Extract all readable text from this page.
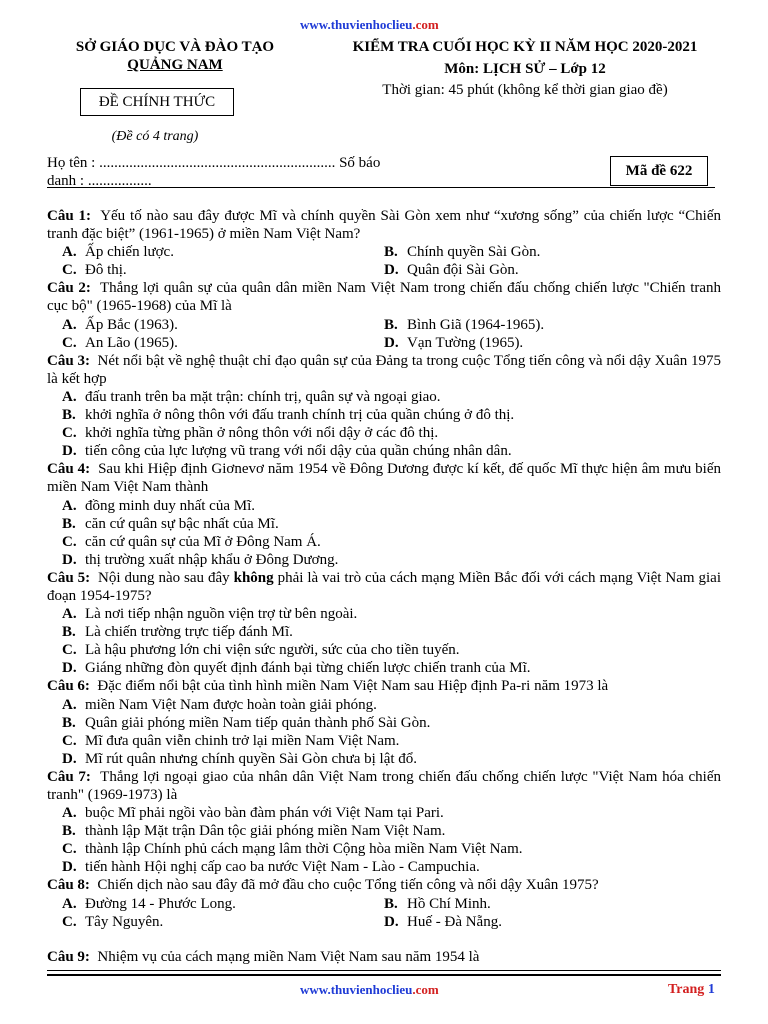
www.thuvienhoclieu.com
SỞ GIÁO DỤC VÀ ĐÀO TẠO
QUẢNG NAM
KIỂM TRA CUỐI HỌC KỲ II NĂM HỌC 2020-2021
Môn: LỊCH SỬ – Lớp 12
Thời gian: 45 phút (không kể thời gian giao đề)
ĐỀ CHÍNH THỨC
(Đề có 4 trang)
Họ tên : ............................................................... Số báo
danh : .................
Mã đề 622
Câu 1: Yếu tố nào sau đây được Mĩ và chính quyền Sài Gòn xem như “xương sống” của chiến lược “Chiến tranh đặc biệt” (1961-1965) ở miền Nam Việt Nam?
A. Ấp chiến lược.	B. Chính quyền Sài Gòn.
C. Đô thị.	D. Quân đội Sài Gòn.
Câu 2: Thắng lợi quân sự của quân dân miền Nam Việt Nam trong chiến đấu chống chiến lược "Chiến tranh cục bộ" (1965-1968) của Mĩ là
A. Ấp Bắc (1963).	B. Bình Giã (1964-1965).
C. An Lão (1965).	D. Vạn Tường (1965).
Câu 3: Nét nổi bật về nghệ thuật chỉ đạo quân sự của Đảng ta trong cuộc Tổng tiến công và nổi dậy Xuân 1975 là kết hợp
A. đấu tranh trên ba mặt trận: chính trị, quân sự và ngoại giao.
B. khởi nghĩa ở nông thôn với đấu tranh chính trị của quần chúng ở đô thị.
C. khởi nghĩa từng phần ở nông thôn với nổi dậy ở các đô thị.
D. tiến công của lực lượng vũ trang với nổi dậy của quần chúng nhân dân.
Câu 4: Sau khi Hiệp định Giơnevơ năm 1954 về Đông Dương được kí kết, đế quốc Mĩ thực hiện âm mưu biến miền Nam Việt Nam thành
A. đồng minh duy nhất của Mĩ.
B. căn cứ quân sự bậc nhất của Mĩ.
C. căn cứ quân sự của Mĩ ở Đông Nam Á.
D. thị trường xuất nhập khẩu ở Đông Dương.
Câu 5: Nội dung nào sau đây không phải là vai trò của cách mạng Miền Bắc đối với cách mạng Việt Nam giai đoạn 1954-1975?
A. Là nơi tiếp nhận nguồn viện trợ từ bên ngoài.
B. Là chiến trường trực tiếp đánh Mĩ.
C. Là hậu phương lớn chi viện sức người, sức của cho tiền tuyến.
D. Giáng những đòn quyết định đánh bại từng chiến lược chiến tranh của Mĩ.
Câu 6: Đặc điểm nổi bật của tình hình miền Nam Việt Nam sau Hiệp định Pa-ri năm 1973 là
A. miền Nam Việt Nam được hoàn toàn giải phóng.
B. Quân giải phóng miền Nam tiếp quản thành phố Sài Gòn.
C. Mĩ đưa quân viễn chinh trở lại miền Nam Việt Nam.
D. Mĩ rút quân nhưng chính quyền Sài Gòn chưa bị lật đổ.
Câu 7: Thắng lợi ngoại giao của nhân dân Việt Nam trong chiến đấu chống chiến lược "Việt Nam hóa chiến tranh" (1969-1973) là
A. buộc Mĩ phải ngồi vào bàn đàm phán với Việt Nam tại Pari.
B. thành lập Mặt trận Dân tộc giải phóng miền Nam Việt Nam.
C. thành lập Chính phủ cách mạng lâm thời Cộng hòa miền Nam Việt Nam.
D. tiến hành Hội nghị cấp cao ba nước Việt Nam - Lào - Campuchia.
Câu 8: Chiến dịch nào sau đây đã mở đầu cho cuộc Tổng tiến công và nổi dậy Xuân 1975?
A. Đường 14 - Phước Long.	B. Hồ Chí Minh.
C. Tây Nguyên.	D. Huế - Đà Nẵng.
Câu 9: Nhiệm vụ của cách mạng miền Nam Việt Nam sau năm 1954 là
www.thuvienhoclieu.com	Trang 1
